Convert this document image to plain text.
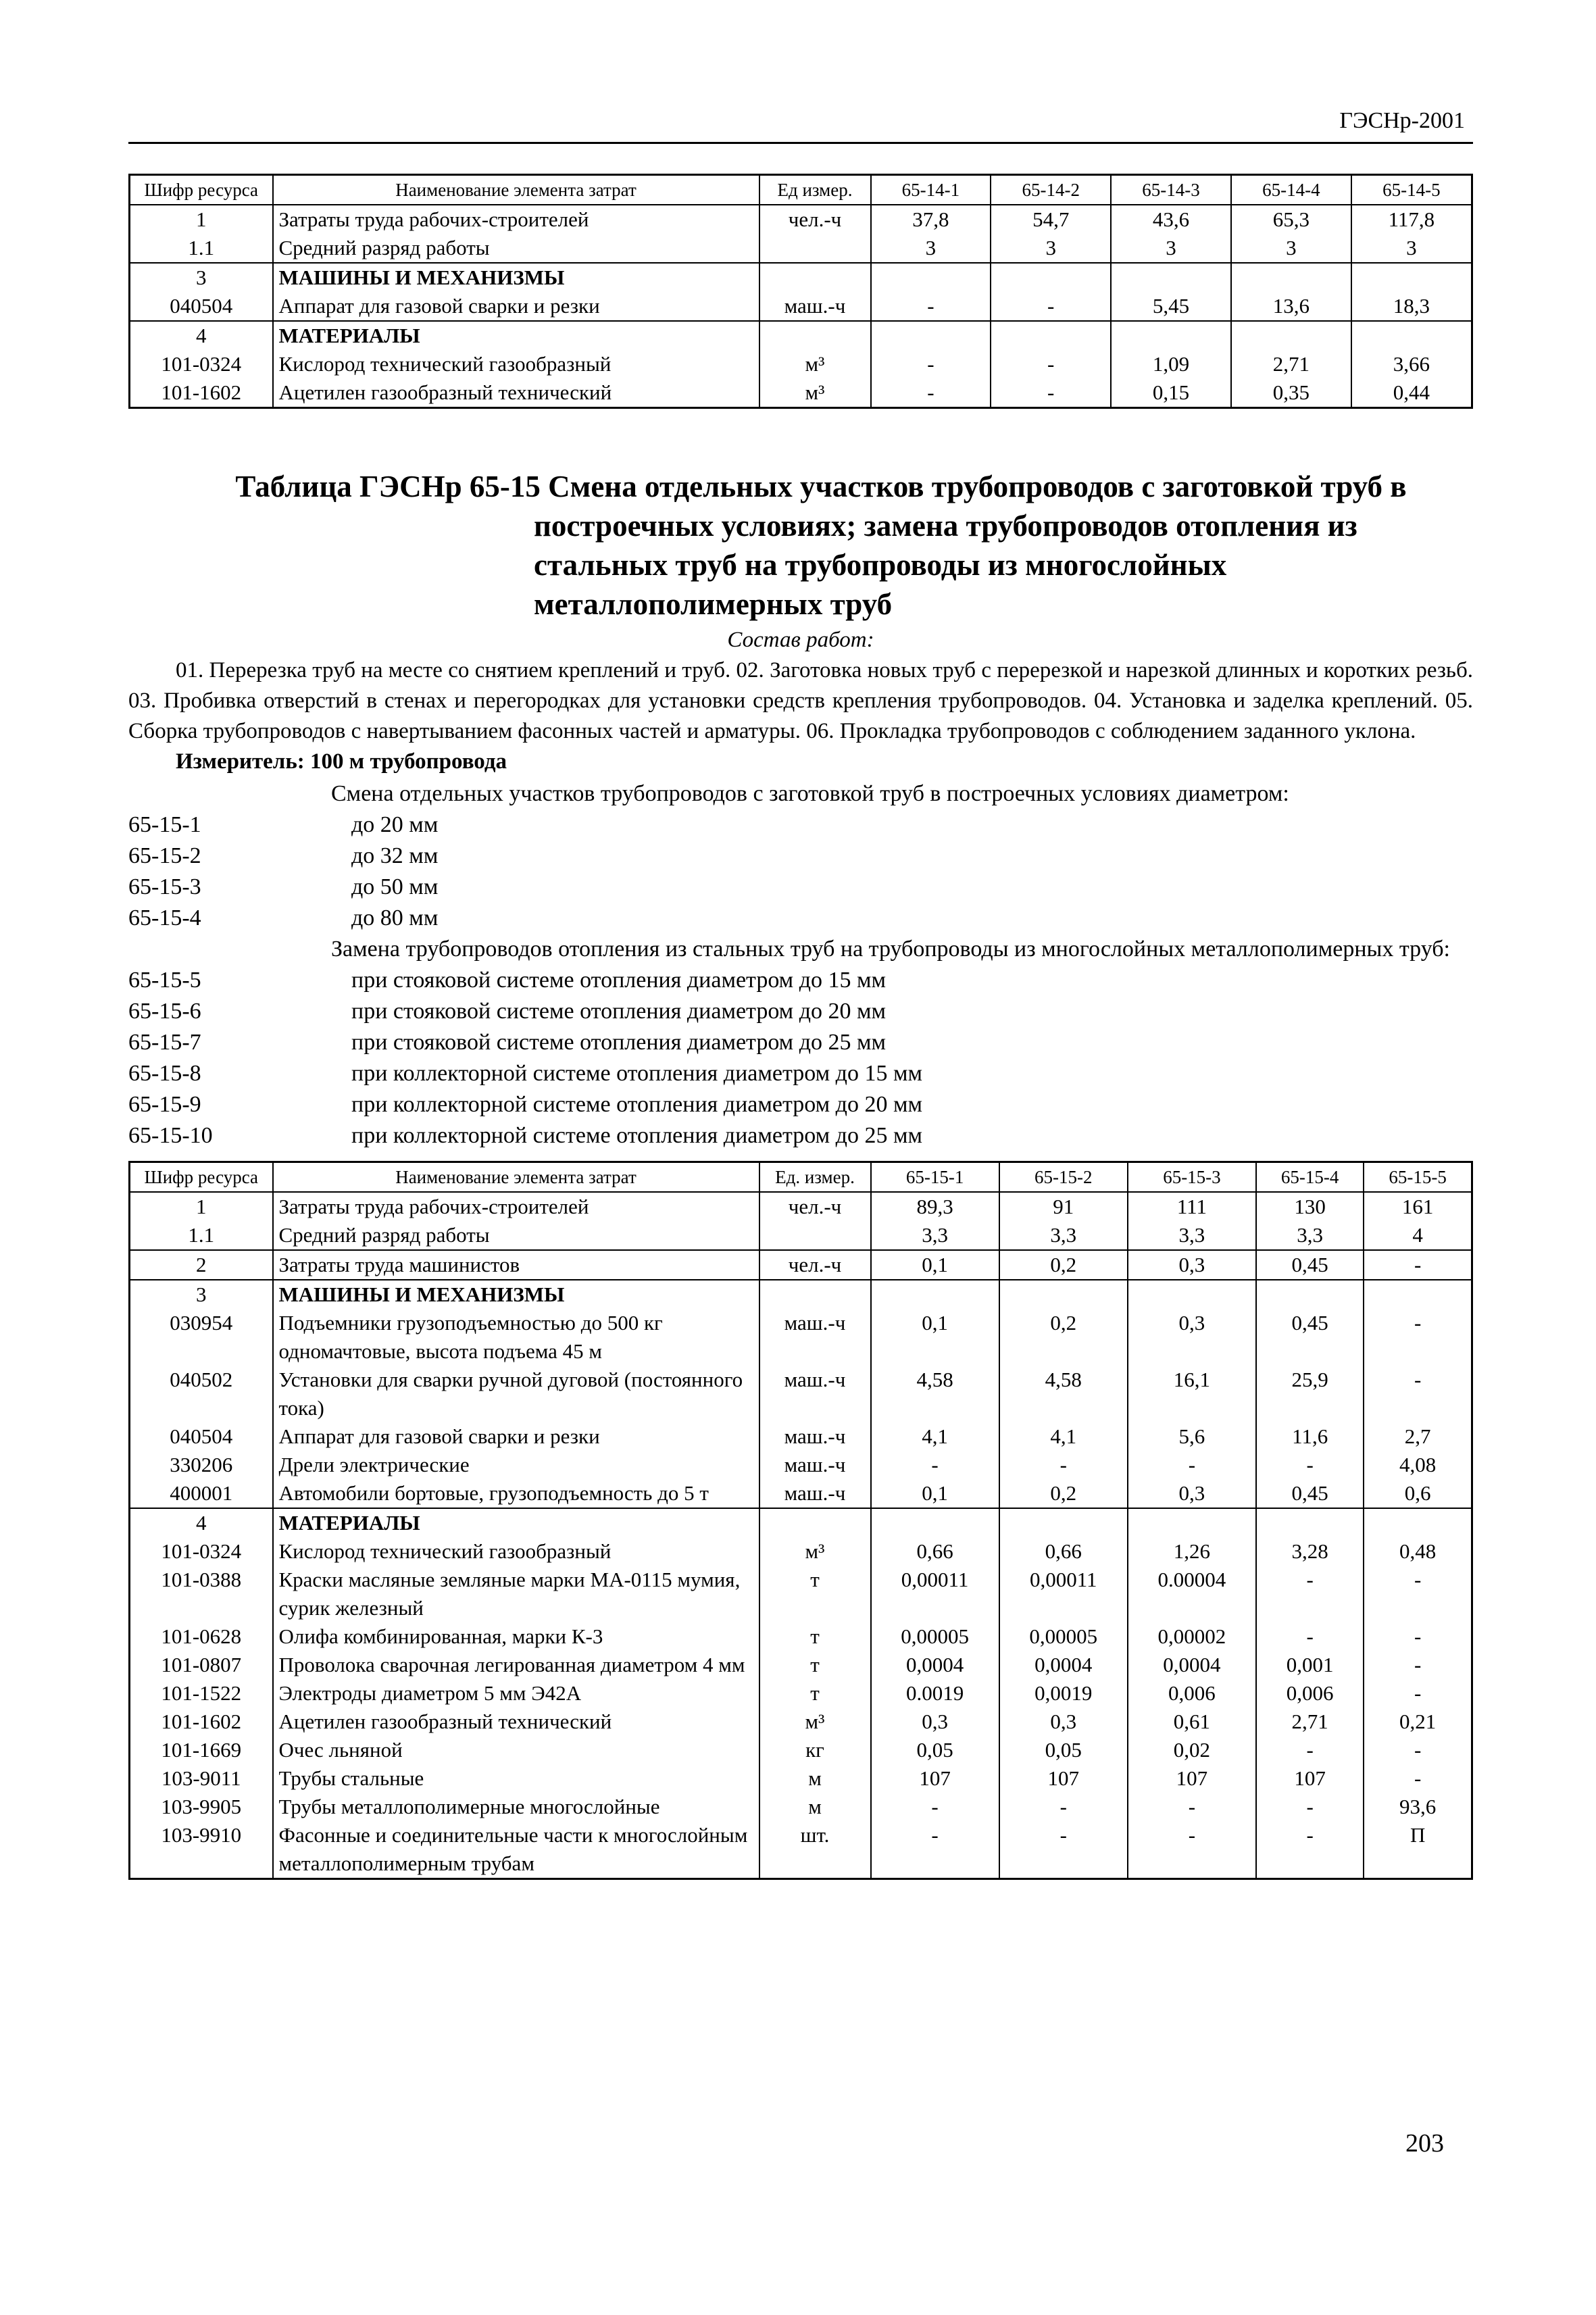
ГЭСНр-2001
Шифр ресурса	Наименование элемента затрат	Ед измер.	65-14-1	65-14-2	65-14-3	65-14-4	65-14-5
1	Затраты труда рабочих-строителей	чел.-ч	37,8	54,7	43,6	65,3	117,8
1.1	Средний разряд работы		3	3	3	3	3
3	МАШИНЫ И МЕХАНИЗМЫ						
040504	Аппарат для газовой сварки и резки	маш.-ч	-	-	5,45	13,6	18,3
4	МАТЕРИАЛЫ						
101-0324	Кислород технический газообразный	м³	-	-	1,09	2,71	3,66
101-1602	Ацетилен газообразный технический	м³	-	-	0,15	0,35	0,44
Таблица ГЭСНр 65-15 Смена отдельных участков трубопроводов с заготовкой труб в
построечных условиях; замена трубопроводов отопления из
стальных труб на трубопроводы из многослойных
металлополимерных труб
Состав работ:
01. Перерезка труб на месте со снятием креплений и труб. 02. Заготовка новых труб с перерезкой и нарезкой длинных и коротких резьб. 03. Пробивка отверстий в стенах и перегородках для установки средств крепления трубопроводов. 04. Установка и заделка креплений. 05. Сборка трубопроводов с навертыванием фасонных частей и арматуры. 06. Прокладка трубопроводов с соблюдением заданного уклона.
Измеритель: 100 м трубопровода
Смена отдельных участков трубопроводов с заготовкой труб в построечных условиях диаметром:
65-15-1	до 20 мм
65-15-2	до 32 мм
65-15-3	до 50 мм
65-15-4	до 80 мм
Замена трубопроводов отопления из стальных труб на трубопроводы из многослойных металлополимерных труб:
65-15-5	при стояковой системе отопления диаметром до 15 мм
65-15-6	при стояковой системе отопления диаметром до 20 мм
65-15-7	при стояковой системе отопления диаметром до 25 мм
65-15-8	при коллекторной системе отопления диаметром до 15 мм
65-15-9	при коллекторной системе отопления диаметром до 20 мм
65-15-10	при коллекторной системе отопления диаметром до 25 мм
Шифр ресурса	Наименование элемента затрат	Ед. измер.	65-15-1	65-15-2	65-15-3	65-15-4	65-15-5
1	Затраты труда рабочих-строителей	чел.-ч	89,3	91	111	130	161
1.1	Средний разряд работы		3,3	3,3	3,3	3,3	4
2	Затраты труда машинистов	чел.-ч	0,1	0,2	0,3	0,45	-
3	МАШИНЫ И МЕХАНИЗМЫ						
030954	Подъемники грузоподъемностью до 500 кг одномачтовые, высота подъема 45 м	маш.-ч	0,1	0,2	0,3	0,45	-
040502	Установки для сварки ручной дуговой (постоянного тока)	маш.-ч	4,58	4,58	16,1	25,9	-
040504	Аппарат для газовой сварки и резки	маш.-ч	4,1	4,1	5,6	11,6	2,7
330206	Дрели электрические	маш.-ч	-	-	-	-	4,08
400001	Автомобили бортовые, грузоподъемность до 5 т	маш.-ч	0,1	0,2	0,3	0,45	0,6
4	МАТЕРИАЛЫ						
101-0324	Кислород технический газообразный	м³	0,66	0,66	1,26	3,28	0,48
101-0388	Краски масляные земляные марки МА-0115 мумия, сурик железный	т	0,00011	0,00011	0.00004	-	-
101-0628	Олифа комбинированная, марки К-3	т	0,00005	0,00005	0,00002	-	-
101-0807	Проволока сварочная легированная диаметром 4 мм	т	0,0004	0,0004	0,0004	0,001	-
101-1522	Электроды диаметром 5 мм Э42А	т	0.0019	0,0019	0,006	0,006	-
101-1602	Ацетилен газообразный технический	м³	0,3	0,3	0,61	2,71	0,21
101-1669	Очес льняной	кг	0,05	0,05	0,02	-	-
103-9011	Трубы стальные	м	107	107	107	107	-
103-9905	Трубы металлополимерные многослойные	м	-	-	-	-	93,6
103-9910	Фасонные и соединительные части к многослойным металлополимерным трубам	шт.	-	-	-	-	П
203
